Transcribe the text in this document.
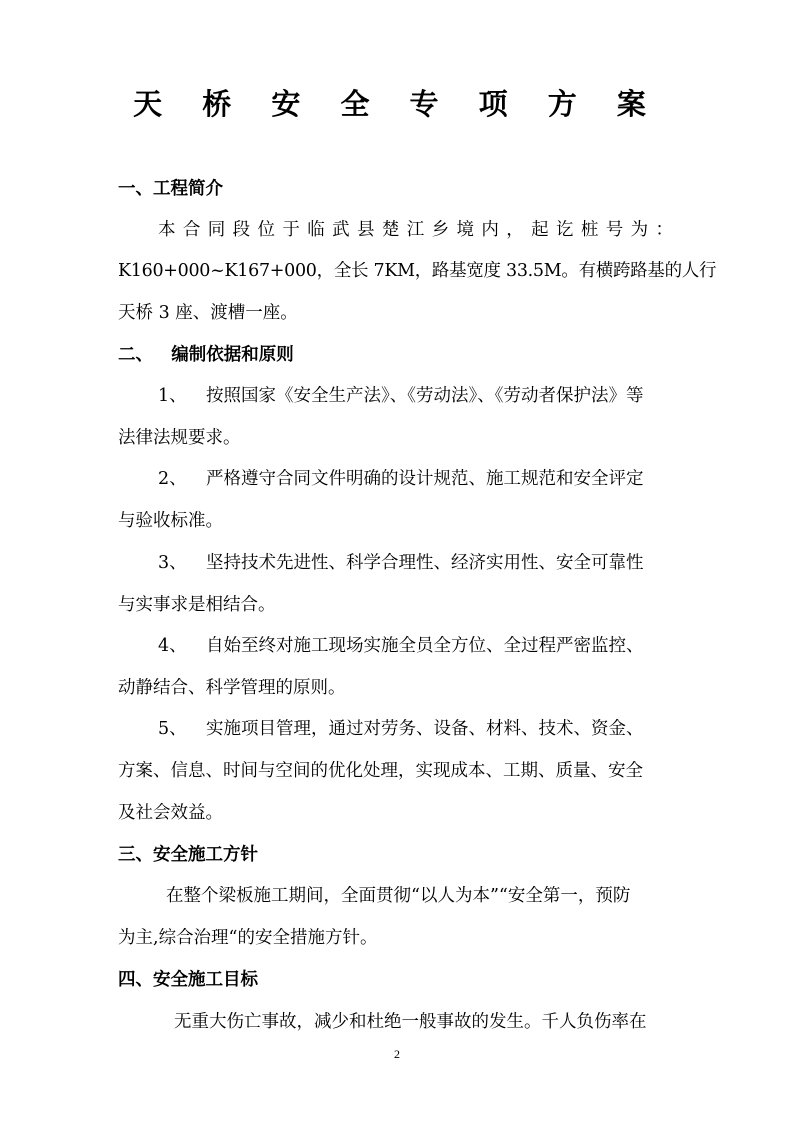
天 桥 安 全 专 项 方 案
一、工程简介
本 合 同 段 位 于 临 武 县 楚 江 乡 境 内 ， 起 讫 桩 号 为 ：
K160+000~K167+000，全长 7KM，路基宽度 33.5M。有横跨路基的人行
天桥 3 座、渡槽一座。
二、   编制依据和原则
1、 按照国家《安全生产法》、《劳动法》、《劳动者保护法》等
法律法规要求。
2、 严格遵守合同文件明确的设计规范、施工规范和安全评定
与验收标准。
3、 坚持技术先进性、科学合理性、经济实用性、安全可靠性
与实事求是相结合。
4、 自始至终对施工现场实施全员全方位、全过程严密监控、
动静结合、科学管理的原则。
5、 实施项目管理，通过对劳务、设备、材料、技术、资金、
方案、信息、时间与空间的优化处理，实现成本、工期、质量、安全
及社会效益。
三、安全施工方针
在整个梁板施工期间，全面贯彻“以人为本”“安全第一，预防
为主,综合治理“的安全措施方针。
四、安全施工目标
无重大伤亡事故，减少和杜绝一般事故的发生。千人负伤率在
2
